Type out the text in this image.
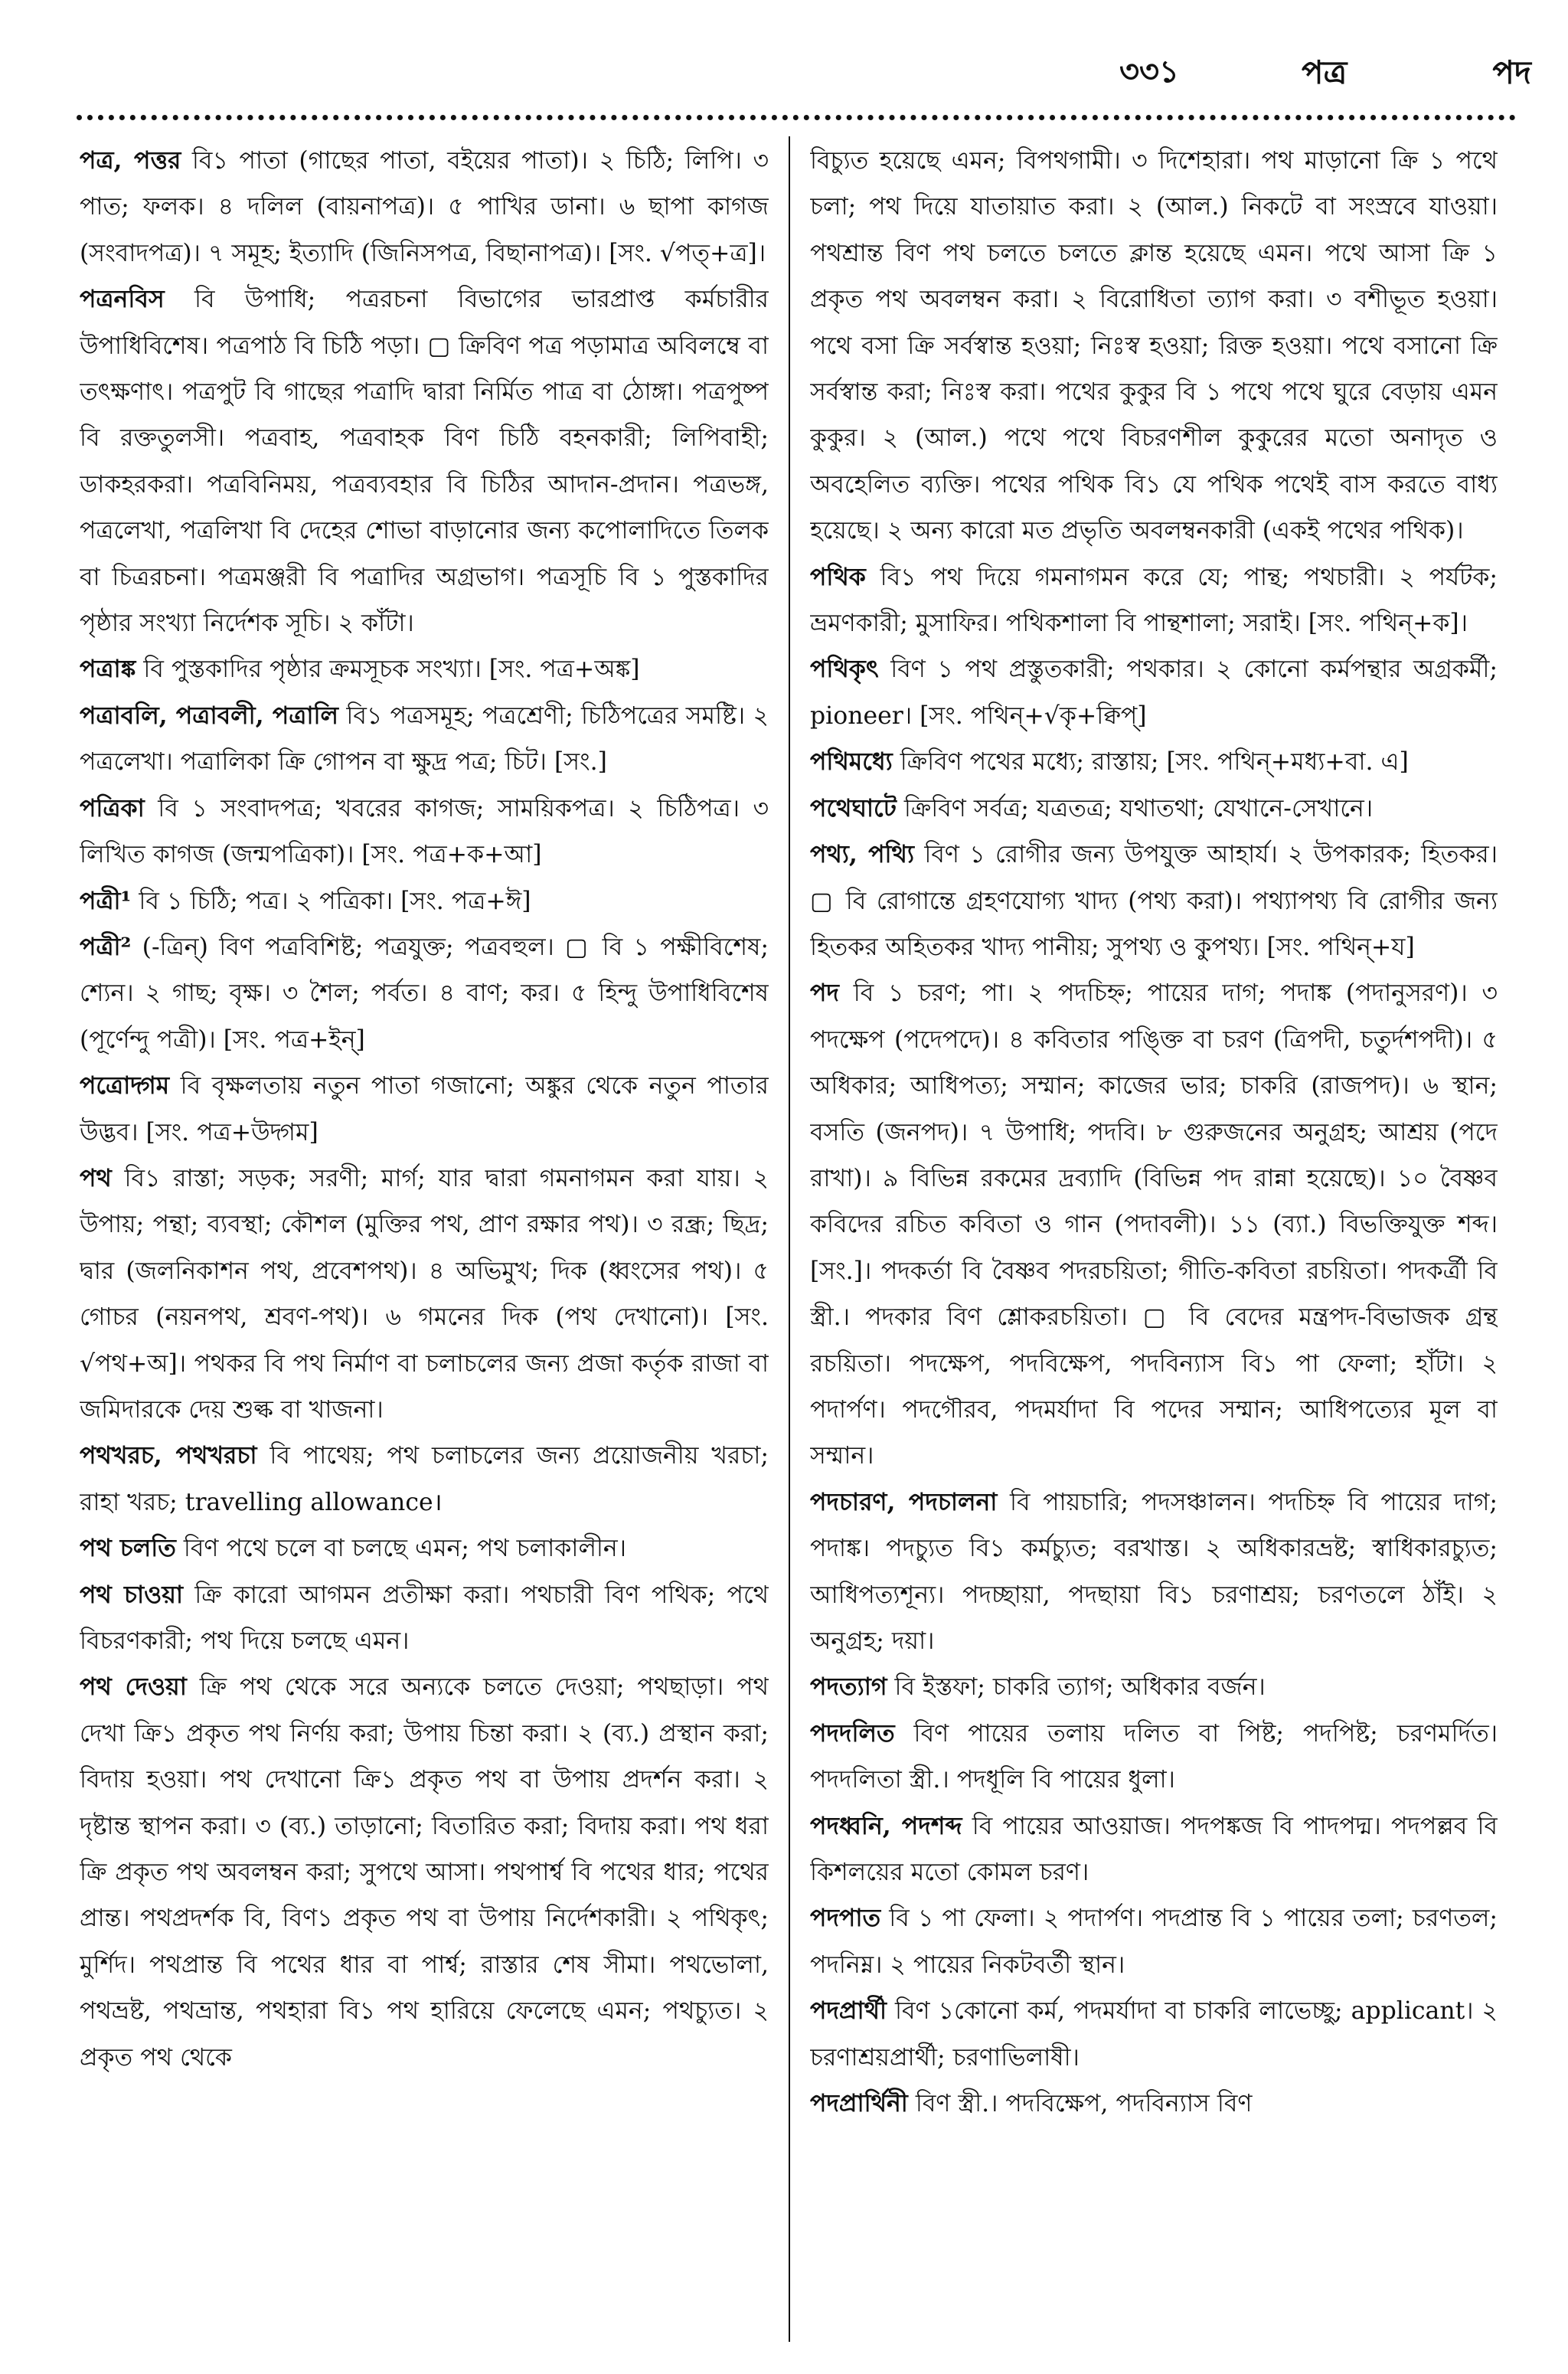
৩৩১	পত্র	পদ

পত্র, পত্তর বি১ পাতা (গাছের পাতা, বইয়ের পাতা)। ২ চিঠি; লিপি। ৩ পাত; ফলক। ৪ দলিল (বায়নাপত্র)। ৫ পাখির ডানা। ৬ ছাপা কাগজ (সংবাদপত্র)। ৭ সমূহ; ইত্যাদি (জিনিসপত্র, বিছানাপত্র)। [সং. √পত্+ত্র]।

পত্রনবিস বি উপাধি; পত্ররচনা বিভাগের ভারপ্রাপ্ত কর্মচারীর উপাধিবিশেষ। পত্রপাঠ বি চিঠি পড়া। ▢ ক্রিবিণ পত্র পড়ামাত্র অবিলম্বে বা তৎক্ষণাৎ। পত্রপুট বি গাছের পত্রাদি দ্বারা নির্মিত পাত্র বা ঠোঙ্গা। পত্রপুষ্প বি রক্ততুলসী। পত্রবাহ, পত্রবাহক বিণ চিঠি বহনকারী; লিপিবাহী; ডাকহরকরা। পত্রবিনিময়, পত্রব্যবহার বি চিঠির আদান-প্রদান। পত্রভঙ্গ, পত্রলেখা, পত্রলিখা বি দেহের শোভা বাড়ানোর জন্য কপোলাদিতে তিলক বা চিত্ররচনা। পত্রমঞ্জরী বি পত্রাদির অগ্রভাগ। পত্রসূচি বি ১ পুস্তকাদির পৃষ্ঠার সংখ্যা নির্দেশক সূচি। ২ কাঁটা।

পত্রাঙ্ক বি পুস্তকাদির পৃষ্ঠার ক্রমসূচক সংখ্যা। [সং. পত্র+অঙ্ক]

পত্রাবলি, পত্রাবলী, পত্রালি বি১ পত্রসমূহ; পত্রশ্রেণী; চিঠিপত্রের সমষ্টি। ২ পত্রলেখা। পত্রালিকা ক্রি গোপন বা ক্ষুদ্র পত্র; চিট। [সং.]

পত্রিকা বি ১ সংবাদপত্র; খবরের কাগজ; সাময়িকপত্র। ২ চিঠিপত্র। ৩ লিখিত কাগজ (জন্মপত্রিকা)। [সং. পত্র+ক+আ]

পত্রী¹ বি ১ চিঠি; পত্র। ২ পত্রিকা। [সং. পত্র+ঈ]

পত্রী² (-ত্রিন্) বিণ পত্রবিশিষ্ট; পত্রযুক্ত; পত্রবহুল। ▢ বি ১ পক্ষীবিশেষ; শ্যেন। ২ গাছ; বৃক্ষ। ৩ শৈল; পর্বত। ৪ বাণ; কর। ৫ হিন্দু উপাধিবিশেষ (পূর্ণেন্দু পত্রী)। [সং. পত্র+ইন্]

পত্রোদ্গম বি বৃক্ষলতায় নতুন পাতা গজানো; অঙ্কুর থেকে নতুন পাতার উদ্ভব। [সং. পত্র+উদ্গম]

পথ বি১ রাস্তা; সড়ক; সরণী; মার্গ; যার দ্বারা গমনাগমন করা যায়। ২ উপায়; পন্থা; ব্যবস্থা; কৌশল (মুক্তির পথ, প্রাণ রক্ষার পথ)। ৩ রন্ধ্র; ছিদ্র; দ্বার (জলনিকাশন পথ, প্রবেশপথ)। ৪ অভিমুখ; দিক (ধ্বংসের পথ)। ৫ গোচর (নয়নপথ, শ্রবণ-পথ)। ৬ গমনের দিক (পথ দেখানো)। [সং. √পথ+অ]। পথকর বি পথ নির্মাণ বা চলাচলের জন্য প্রজা কর্তৃক রাজা বা জমিদারকে দেয় শুল্ক বা খাজনা।

পথখরচ, পথখরচা বি পাথেয়; পথ চলাচলের জন্য প্রয়োজনীয় খরচা; রাহা খরচ; travelling allowance।

পথ চলতি বিণ পথে চলে বা চলছে এমন; পথ চলাকালীন।

পথ চাওয়া ক্রি কারো আগমন প্রতীক্ষা করা। পথচারী বিণ পথিক; পথে বিচরণকারী; পথ দিয়ে চলছে এমন।

পথ দেওয়া ক্রি পথ থেকে সরে অন্যকে চলতে দেওয়া; পথছাড়া। পথ দেখা ক্রি১ প্রকৃত পথ নির্ণয় করা; উপায় চিন্তা করা। ২ (ব্য.) প্রস্থান করা; বিদায় হওয়া। পথ দেখানো ক্রি১ প্রকৃত পথ বা উপায় প্রদর্শন করা। ২ দৃষ্টান্ত স্থাপন করা। ৩ (ব্য.) তাড়ানো; বিতারিত করা; বিদায় করা। পথ ধরা ক্রি প্রকৃত পথ অবলম্বন করা; সুপথে আসা। পথপার্শ্ব বি পথের ধার; পথের প্রান্ত। পথপ্রদর্শক বি, বিণ১ প্রকৃত পথ বা উপায় নির্দেশকারী। ২ পথিকৃৎ; মুর্শিদ। পথপ্রান্ত বি পথের ধার বা পার্শ্ব; রাস্তার শেষ সীমা। পথভোলা, পথভ্রষ্ট, পথভ্রান্ত, পথহারা বি১ পথ হারিয়ে ফেলেছে এমন; পথচ্যুত। ২ প্রকৃত পথ থেকে

বিচ্যুত হয়েছে এমন; বিপথগামী। ৩ দিশেহারা। পথ মাড়ানো ক্রি ১ পথে চলা; পথ দিয়ে যাতায়াত করা। ২ (আল.) নিকটে বা সংস্রবে যাওয়া। পথশ্রান্ত বিণ পথ চলতে চলতে ক্লান্ত হয়েছে এমন। পথে আসা ক্রি ১ প্রকৃত পথ অবলম্বন করা। ২ বিরোধিতা ত্যাগ করা। ৩ বশীভূত হওয়া। পথে বসা ক্রি সর্বস্বান্ত হওয়া; নিঃস্ব হওয়া; রিক্ত হওয়া। পথে বসানো ক্রি সর্বস্বান্ত করা; নিঃস্ব করা। পথের কুকুর বি ১ পথে পথে ঘুরে বেড়ায় এমন কুকুর। ২ (আল.) পথে পথে বিচরণশীল কুকুরের মতো অনাদৃত ও অবহেলিত ব্যক্তি। পথের পথিক বি১ যে পথিক পথেই বাস করতে বাধ্য হয়েছে। ২ অন্য কারো মত প্রভৃতি অবলম্বনকারী (একই পথের পথিক)।

পথিক বি১ পথ দিয়ে গমনাগমন করে যে; পান্থ; পথচারী। ২ পর্যটক; ভ্রমণকারী; মুসাফির। পথিকশালা বি পান্থশালা; সরাই। [সং. পথিন্+ক]।

পথিকৃৎ বিণ ১ পথ প্রস্তুতকারী; পথকার। ২ কোনো কর্মপন্থার অগ্রকর্মী; pioneer। [সং. পথিন্+√কৃ+ক্বিপ্]

পথিমধ্যে ক্রিবিণ পথের মধ্যে; রাস্তায়; [সং. পথিন্+মধ্য+বা. এ]

পথেঘাটে ক্রিবিণ সর্বত্র; যত্রতত্র; যথাতথা; যেখানে-সেখানে।

পথ্য, পথ্যি বিণ ১ রোগীর জন্য উপযুক্ত আহার্য। ২ উপকারক; হিতকর। ▢ বি রোগান্তে গ্রহণযোগ্য খাদ্য (পথ্য করা)। পথ্যাপথ্য বি রোগীর জন্য হিতকর অহিতকর খাদ্য পানীয়; সুপথ্য ও কুপথ্য। [সং. পথিন্+য]

পদ বি ১ চরণ; পা। ২ পদচিহ্ন; পায়ের দাগ; পদাঙ্ক (পদানুসরণ)। ৩ পদক্ষেপ (পদেপদে)। ৪ কবিতার পঙ্ক্তি বা চরণ (ত্রিপদী, চতুর্দশপদী)। ৫ অধিকার; আধিপত্য; সম্মান; কাজের ভার; চাকরি (রাজপদ)। ৬ স্থান; বসতি (জনপদ)। ৭ উপাধি; পদবি। ৮ গুরুজনের অনুগ্রহ; আশ্রয় (পদে রাখা)। ৯ বিভিন্ন রকমের দ্রব্যাদি (বিভিন্ন পদ রান্না হয়েছে)। ১০ বৈষ্ণব কবিদের রচিত কবিতা ও গান (পদাবলী)। ১১ (ব্যা.) বিভক্তিযুক্ত শব্দ। [সং.]। পদকর্তা বি বৈষ্ণব পদরচয়িতা; গীতি-কবিতা রচয়িতা। পদকর্ত্রী বি স্ত্রী.। পদকার বিণ শ্লোকরচয়িতা। ▢ বি বেদের মন্ত্রপদ-বিভাজক গ্রন্থ রচয়িতা। পদক্ষেপ, পদবিক্ষেপ, পদবিন্যাস বি১ পা ফেলা; হাঁটা। ২ পদার্পণ। পদগৌরব, পদমর্যাদা বি পদের সম্মান; আধিপত্যের মূল বা সম্মান।

পদচারণ, পদচালনা বি পায়চারি; পদসঞ্চালন। পদচিহ্ন বি পায়ের দাগ; পদাঙ্ক। পদচ্যুত বি১ কর্মচ্যুত; বরখাস্ত। ২ অধিকারভ্রষ্ট; স্বাধিকারচ্যুত; আধিপত্যশূন্য। পদচ্ছায়া, পদছায়া বি১ চরণাশ্রয়; চরণতলে ঠাঁই। ২ অনুগ্রহ; দয়া।

পদত্যাগ বি ইস্তফা; চাকরি ত্যাগ; অধিকার বর্জন।

পদদলিত বিণ পায়ের তলায় দলিত বা পিষ্ট; পদপিষ্ট; চরণমর্দিত। পদদলিতা স্ত্রী.। পদধূলি বি পায়ের ধুলা।

পদধ্বনি, পদশব্দ বি পায়ের আওয়াজ। পদপঙ্কজ বি পাদপদ্ম। পদপল্লব বি কিশলয়ের মতো কোমল চরণ।

পদপাত বি ১ পা ফেলা। ২ পদার্পণ। পদপ্রান্ত বি ১ পায়ের তলা; চরণতল; পদনিম্ন। ২ পায়ের নিকটবর্তী স্থান।

পদপ্রার্থী বিণ ১কোনো কর্ম, পদমর্যাদা বা চাকরি লাভেচ্ছু; applicant। ২ চরণাশ্রয়প্রার্থী; চরণাভিলাষী।

পদপ্রার্থিনী বিণ স্ত্রী.। পদবিক্ষেপ, পদবিন্যাস বিণ
